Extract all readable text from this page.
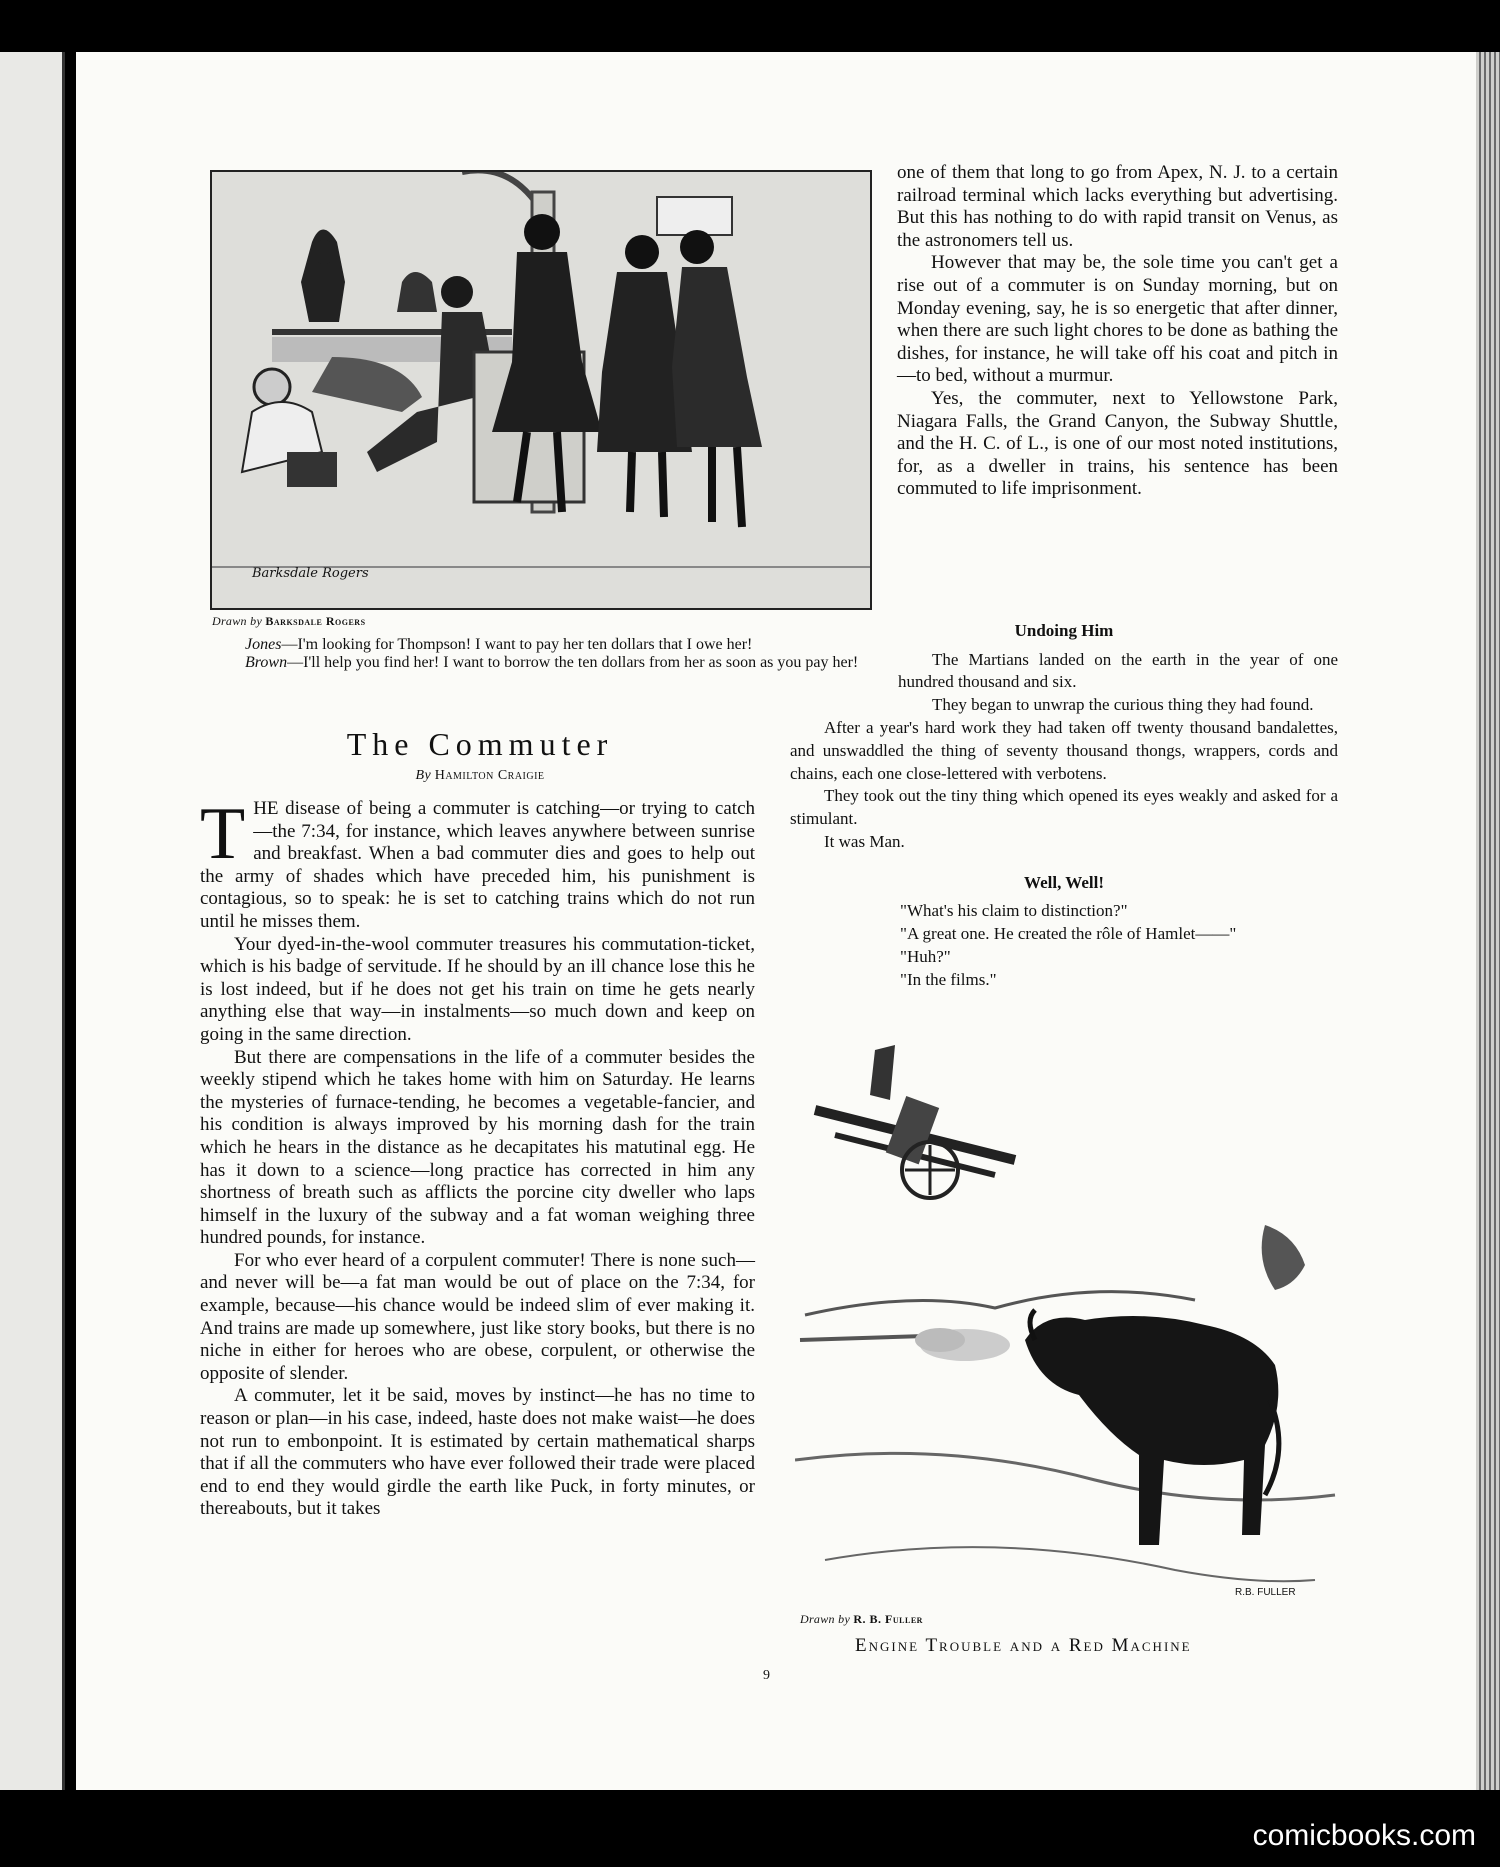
Barksdale Rogers
Drawn by Barksdale Rogers

Jones—I'm looking for Thompson! I want to pay her ten dollars that I owe her!

Brown—I'll help you find her! I want to borrow the ten dollars from her as soon as you pay her!

The Commuter
By Hamilton Craigie

THE disease of being a commuter is catching—or trying to catch—the 7:34, for instance, which leaves anywhere between sunrise and breakfast. When a bad commuter dies and goes to help out the army of shades which have preceded him, his punishment is contagious, so to speak: he is set to catching trains which do not run until he misses them.

Your dyed-in-the-wool commuter treasures his commutation-ticket, which is his badge of servitude. If he should by an ill chance lose this he is lost indeed, but if he does not get his train on time he gets nearly anything else that way—in instalments—so much down and keep on going in the same direction.

But there are compensations in the life of a commuter besides the weekly stipend which he takes home with him on Saturday. He learns the mysteries of furnace-tending, he becomes a vegetable-fancier, and his condition is always improved by his morning dash for the train which he hears in the distance as he decapitates his matutinal egg. He has it down to a science—long practice has corrected in him any shortness of breath such as afflicts the porcine city dweller who laps himself in the luxury of the subway and a fat woman weighing three hundred pounds, for instance.

For who ever heard of a corpulent commuter! There is none such—and never will be—a fat man would be out of place on the 7:34, for example, because—his chance would be indeed slim of ever making it. And trains are made up somewhere, just like story books, but there is no niche in either for heroes who are obese, corpulent, or otherwise the opposite of slender.

A commuter, let it be said, moves by instinct—he has no time to reason or plan—in his case, indeed, haste does not make waist—he does not run to embonpoint. It is estimated by certain mathematical sharps that if all the commuters who have ever followed their trade were placed end to end they would girdle the earth like Puck, in forty minutes, or thereabouts, but it takes

one of them that long to go from Apex, N. J. to a certain railroad terminal which lacks everything but advertising. But this has nothing to do with rapid transit on Venus, as the astronomers tell us.

However that may be, the sole time you can't get a rise out of a commuter is on Sunday morning, but on Monday evening, say, he is so energetic that after dinner, when there are such light chores to be done as bathing the dishes, for instance, he will take off his coat and pitch in—to bed, without a murmur.

Yes, the commuter, next to Yellowstone Park, Niagara Falls, the Grand Canyon, the Subway Shuttle, and the H. C. of L., is one of our most noted institutions, for, as a dweller in trains, his sentence has been commuted to life imprisonment.

Undoing Him

The Martians landed on the earth in the year of one hundred thousand and six.

They began to unwrap the curious thing they had found.

After a year's hard work they had taken off twenty thousand bandalettes, and unswaddled the thing of seventy thousand thongs, wrappers, cords and chains, each one close-lettered with verbotens.

They took out the tiny thing which opened its eyes weakly and asked for a stimulant.

It was Man.

Well, Well!

"What's his claim to distinction?"

"A great one. He created the rôle of Hamlet——"

"Huh?"

"In the films."

R.B. FULLER
Drawn by R. B. Fuller
Engine Trouble and a Red Machine
9
comicbooks.com
